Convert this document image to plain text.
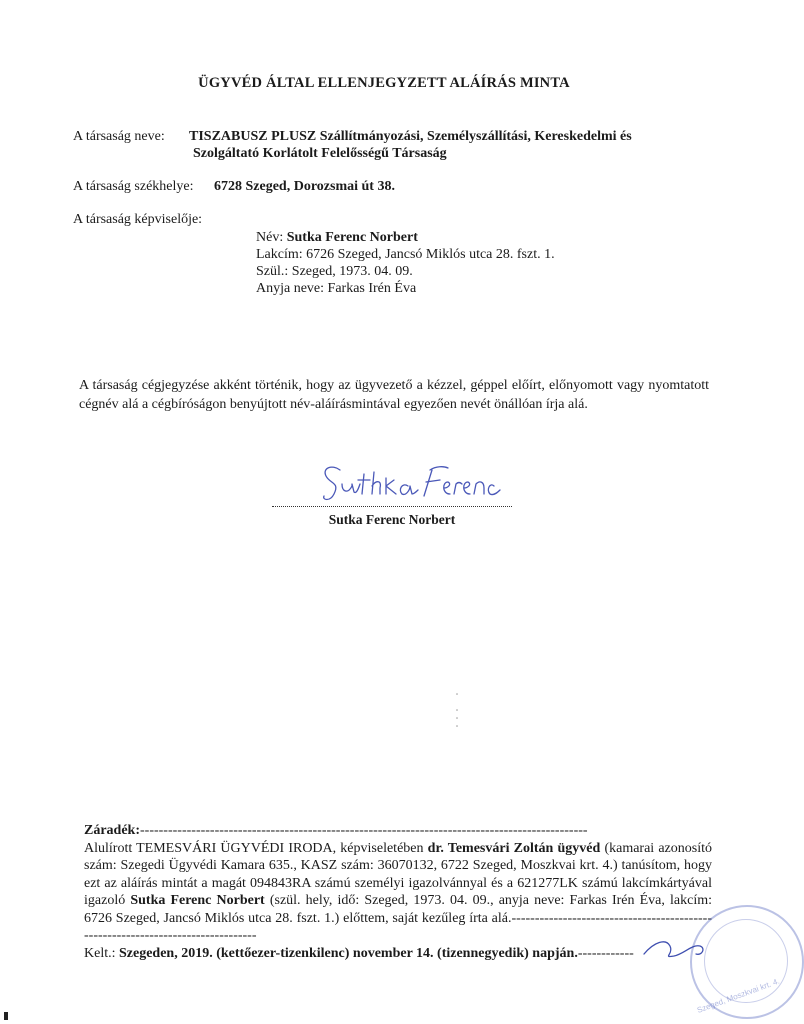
ÜGYVÉD ÁLTAL ELLENJEGYZETT ALÁÍRÁS MINTA
A társaság neve: TISZABUSZ PLUSZ Szállítmányozási, Személyszállítási, Kereskedelmi és
Szolgáltató Korlátolt Felelősségű Társaság
A társaság székhelye: 6728 Szeged, Dorozsmai út 38.
A társaság képviselője:
Név: Sutka Ferenc Norbert
Lakcím: 6726 Szeged, Jancsó Miklós utca 28. fszt. 1.
Szül.: Szeged, 1973. 04. 09.
Anyja neve: Farkas Irén Éva
A társaság cégjegyzése akként történik, hogy az ügyvezető a kézzel, géppel előírt, előnyomott vagy nyomtatott cégnév alá a cégbíróságon benyújtott név-aláírásmintával egyezően nevét önállóan írja alá.
Sutka Ferenc
Sutka Ferenc Norbert
Záradék:------------------------------------------------------------------------------------------------
Alulírott TEMESVÁRI ÜGYVÉDI IRODA, képviseletében dr. Temesvári Zoltán ügyvéd (kamarai azonosító szám: Szegedi Ügyvédi Kamara 635., KASZ szám: 36070132, 6722 Szeged, Moszkvai krt. 4.) tanúsítom, hogy ezt az aláírás mintát a magát 094843RA számú személyi igazolvánnyal és a 621277LK számú lakcímkártyával igazoló Sutka Ferenc Norbert (szül. hely, idő: Szeged, 1973. 04. 09., anyja neve: Farkas Irén Éva, lakcím: 6726 Szeged, Jancsó Miklós utca 28. fszt. 1.) előttem, saját kezűleg írta alá.--------------------------------------------------------------------------------
Kelt.: Szegeden, 2019. (kettőezer-tizenkilenc) november 14. (tizennegyedik) napján.------------
Szeged, Moszkvai krt. 4.
